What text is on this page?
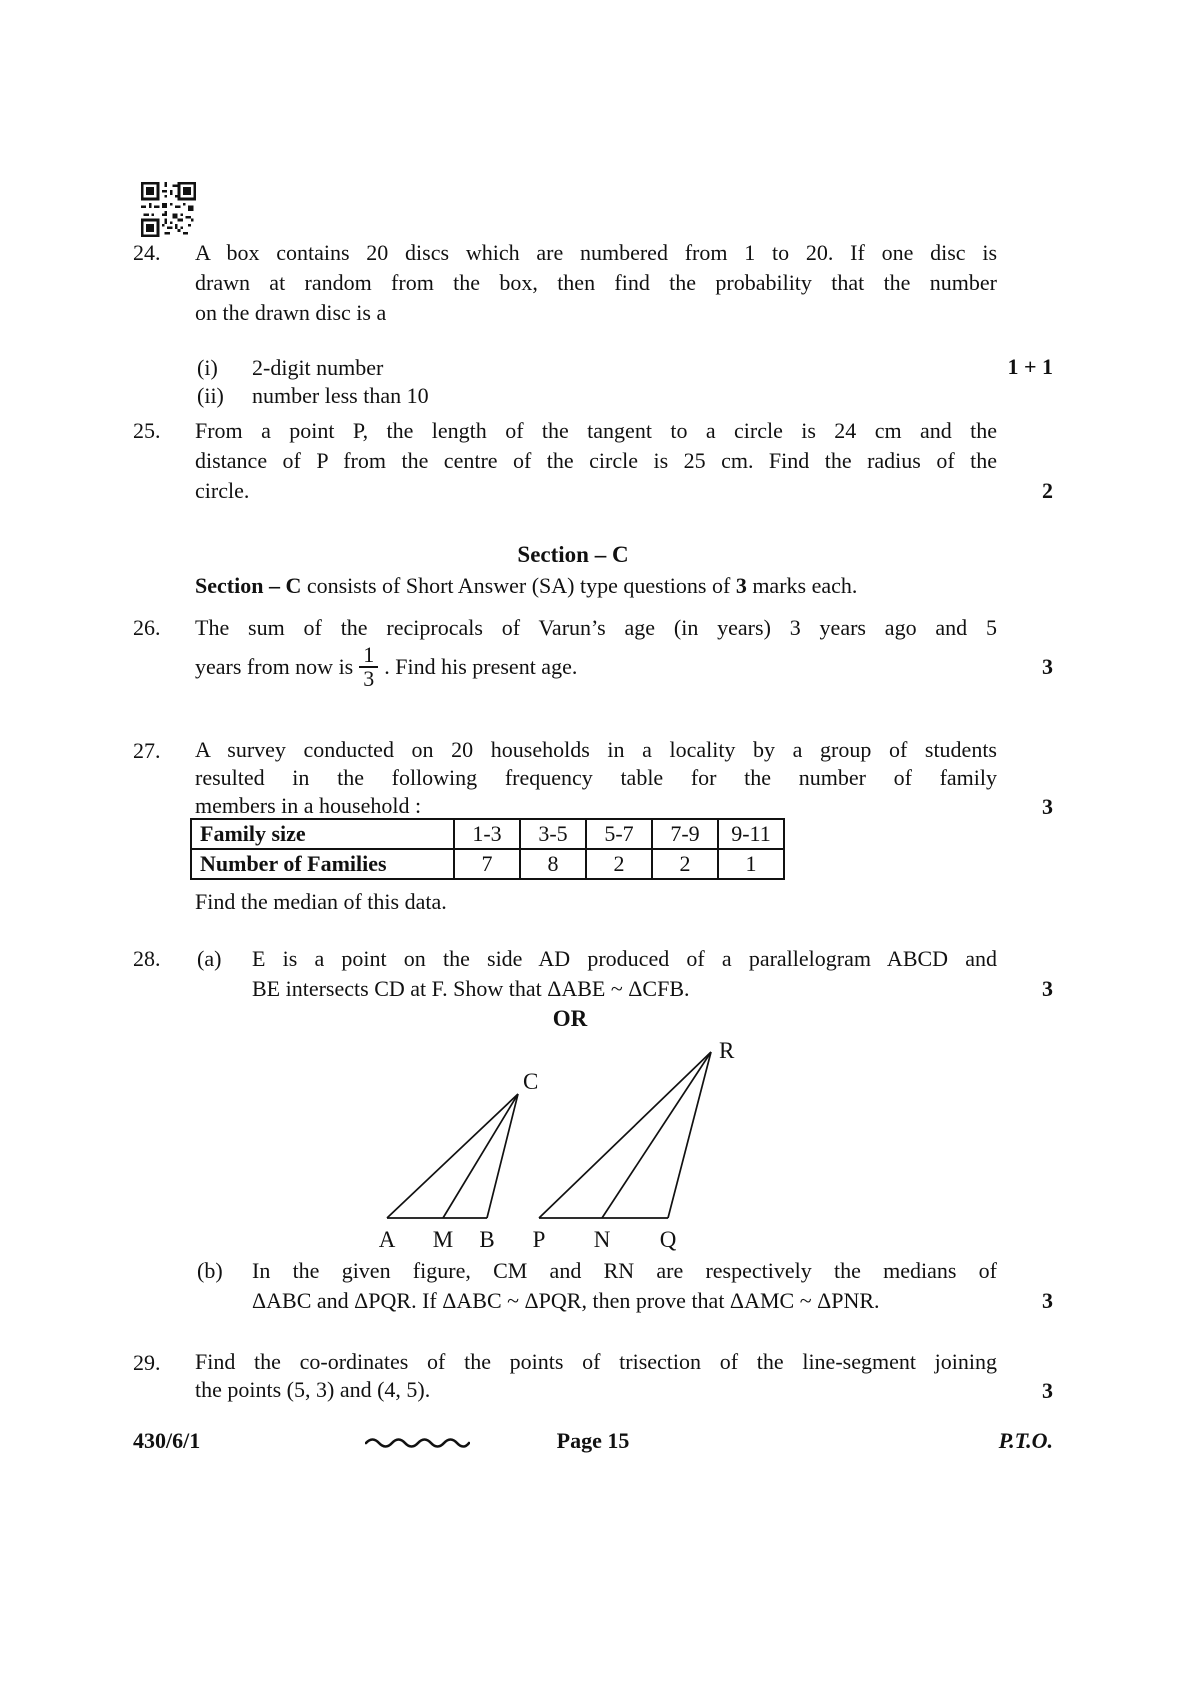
24. A box contains 20 discs which are numbered from 1 to 20. If one disc is
drawn at random from the box, then find the probability that the number
on the drawn disc is a
(i) 2-digit number
(ii) number less than 10
1 + 1
25. From a point P, the length of the tangent to a circle is 24 cm and the
distance of P from the centre of the circle is 25 cm. Find the radius of the
circle.	2
Section – C
Section – C consists of Short Answer (SA) type questions of 3 marks each.
26. The sum of the reciprocals of Varun’s age (in years) 3 years ago and 5
years from now is $\frac{1}{3}$ . Find his present age.	3
27. A survey conducted on 20 households in a locality by a group of students
resulted in the following frequency table for the number of family
members in a household :	3
Family size	1-3	3-5	5-7	7-9	9-11
Number of Families	7	8	2	2	1
Find the median of this data.
28. (a) E is a point on the side AD produced of a parallelogram ABCD and
BE intersects CD at F. Show that ΔABE ~ ΔCFB.	3
OR
C
R
A M B P N Q
(b) In the given figure, CM and RN are respectively the medians of
ΔABC and ΔPQR. If ΔABC ~ ΔPQR, then prove that ΔAMC ~ ΔPNR.	3
29. Find the co-ordinates of the points of trisection of the line-segment joining
the points (5, 3) and (4, 5).	3
430/6/1	Page 15	P.T.O.
